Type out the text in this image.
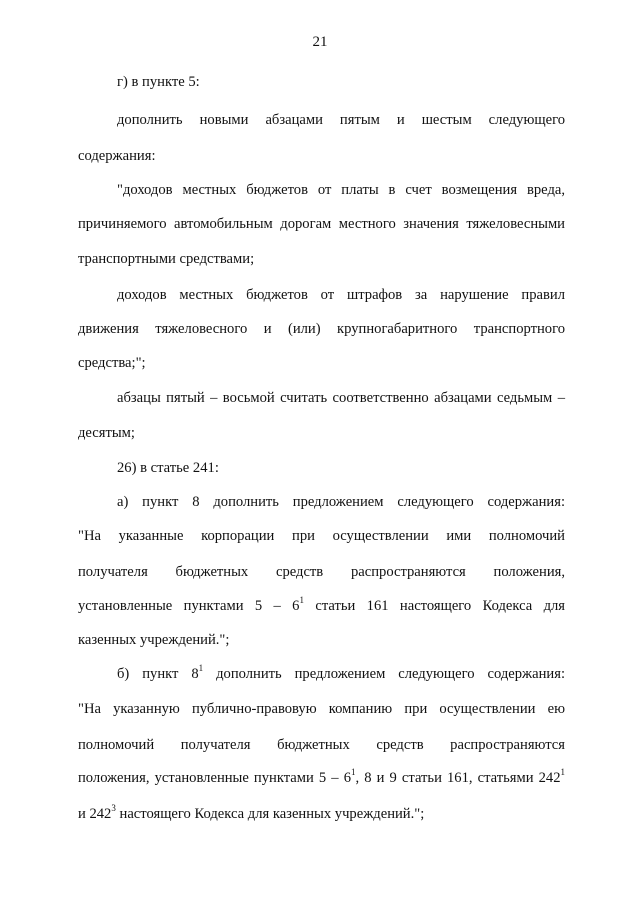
21
г) в пункте 5:
дополнить новыми абзацами пятым и шестым следующего
содержания:
"доходов местных бюджетов от платы в счет возмещения вреда,
причиняемого автомобильным дорогам местного значения тяжеловесными
транспортными средствами;
доходов местных бюджетов от штрафов за нарушение правил
движения тяжеловесного и (или) крупногабаритного транспортного
средства;";
абзацы пятый – восьмой считать соответственно абзацами седьмым –
десятым;
26) в статье 241:
а) пункт 8 дополнить предложением следующего содержания:
"На указанные корпорации при осуществлении ими полномочий
получателя бюджетных средств распространяются положения,
установленные пунктами $5 - 6^1$ статьи 161 настоящего Кодекса для
казенных учреждений.";
б) пункт $8^1$ дополнить предложением следующего содержания:
"На указанную публично-правовую компанию при осуществлении ею
полномочий получателя бюджетных средств распространяются
положения, установленные пунктами $5 - 6^1$, 8 и 9 статьи 161, статьями $242^1$
и $242^3$ настоящего Кодекса для казенных учреждений.";
